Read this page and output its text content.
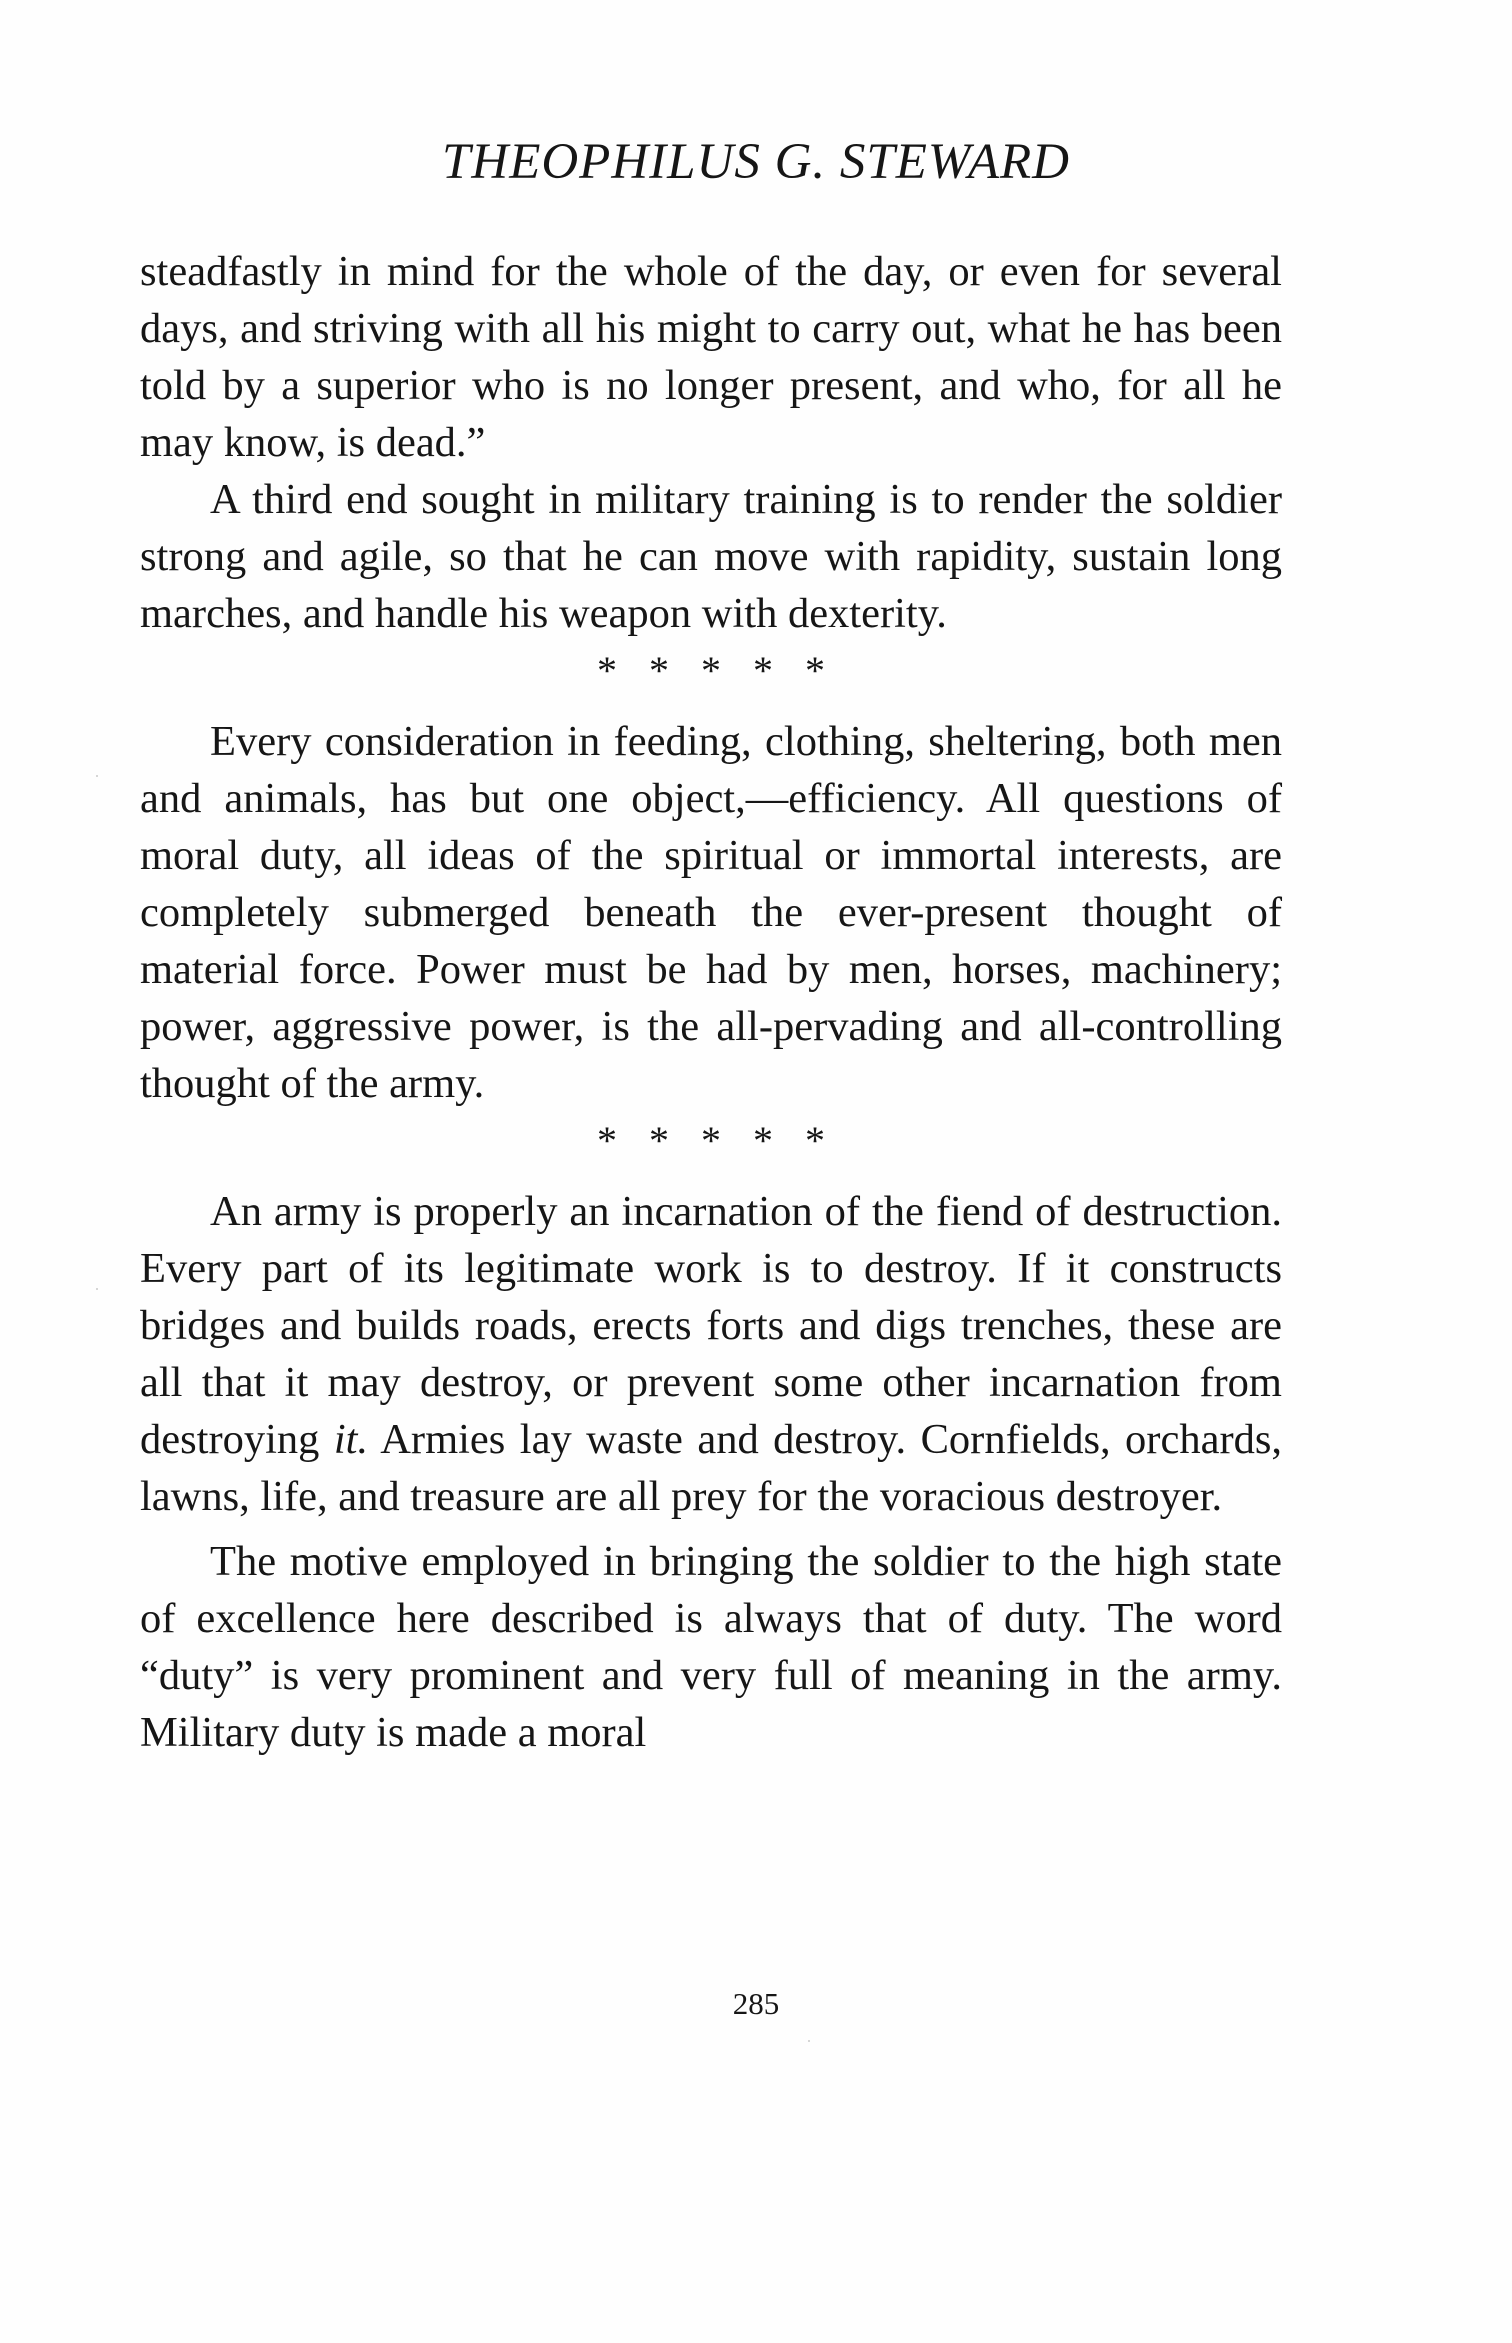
THEOPHILUS G. STEWARD

steadfastly in mind for the whole of the day, or even for several days, and striving with all his might to carry out, what he has been told by a superior who is no longer present, and who, for all he may know, is dead.”

A third end sought in military training is to render the soldier strong and agile, so that he can move with rapidity, sustain long marches, and handle his weapon with dexterity.

* * * * *

Every consideration in feeding, clothing, sheltering, both men and animals, has but one object,—efficiency. All questions of moral duty, all ideas of the spiritual or immortal interests, are completely submerged beneath the ever-present thought of material force. Power must be had by men, horses, machinery; power, aggressive power, is the all-pervading and all-controlling thought of the army.

* * * * *

An army is properly an incarnation of the fiend of destruction. Every part of its legitimate work is to destroy. If it constructs bridges and builds roads, erects forts and digs trenches, these are all that it may destroy, or prevent some other incarnation from destroying it. Armies lay waste and destroy. Cornfields, orchards, lawns, life, and treasure are all prey for the voracious destroyer.

The motive employed in bringing the soldier to the high state of excellence here described is always that of duty. The word “duty” is very prominent and very full of meaning in the army. Military duty is made a moral

285
